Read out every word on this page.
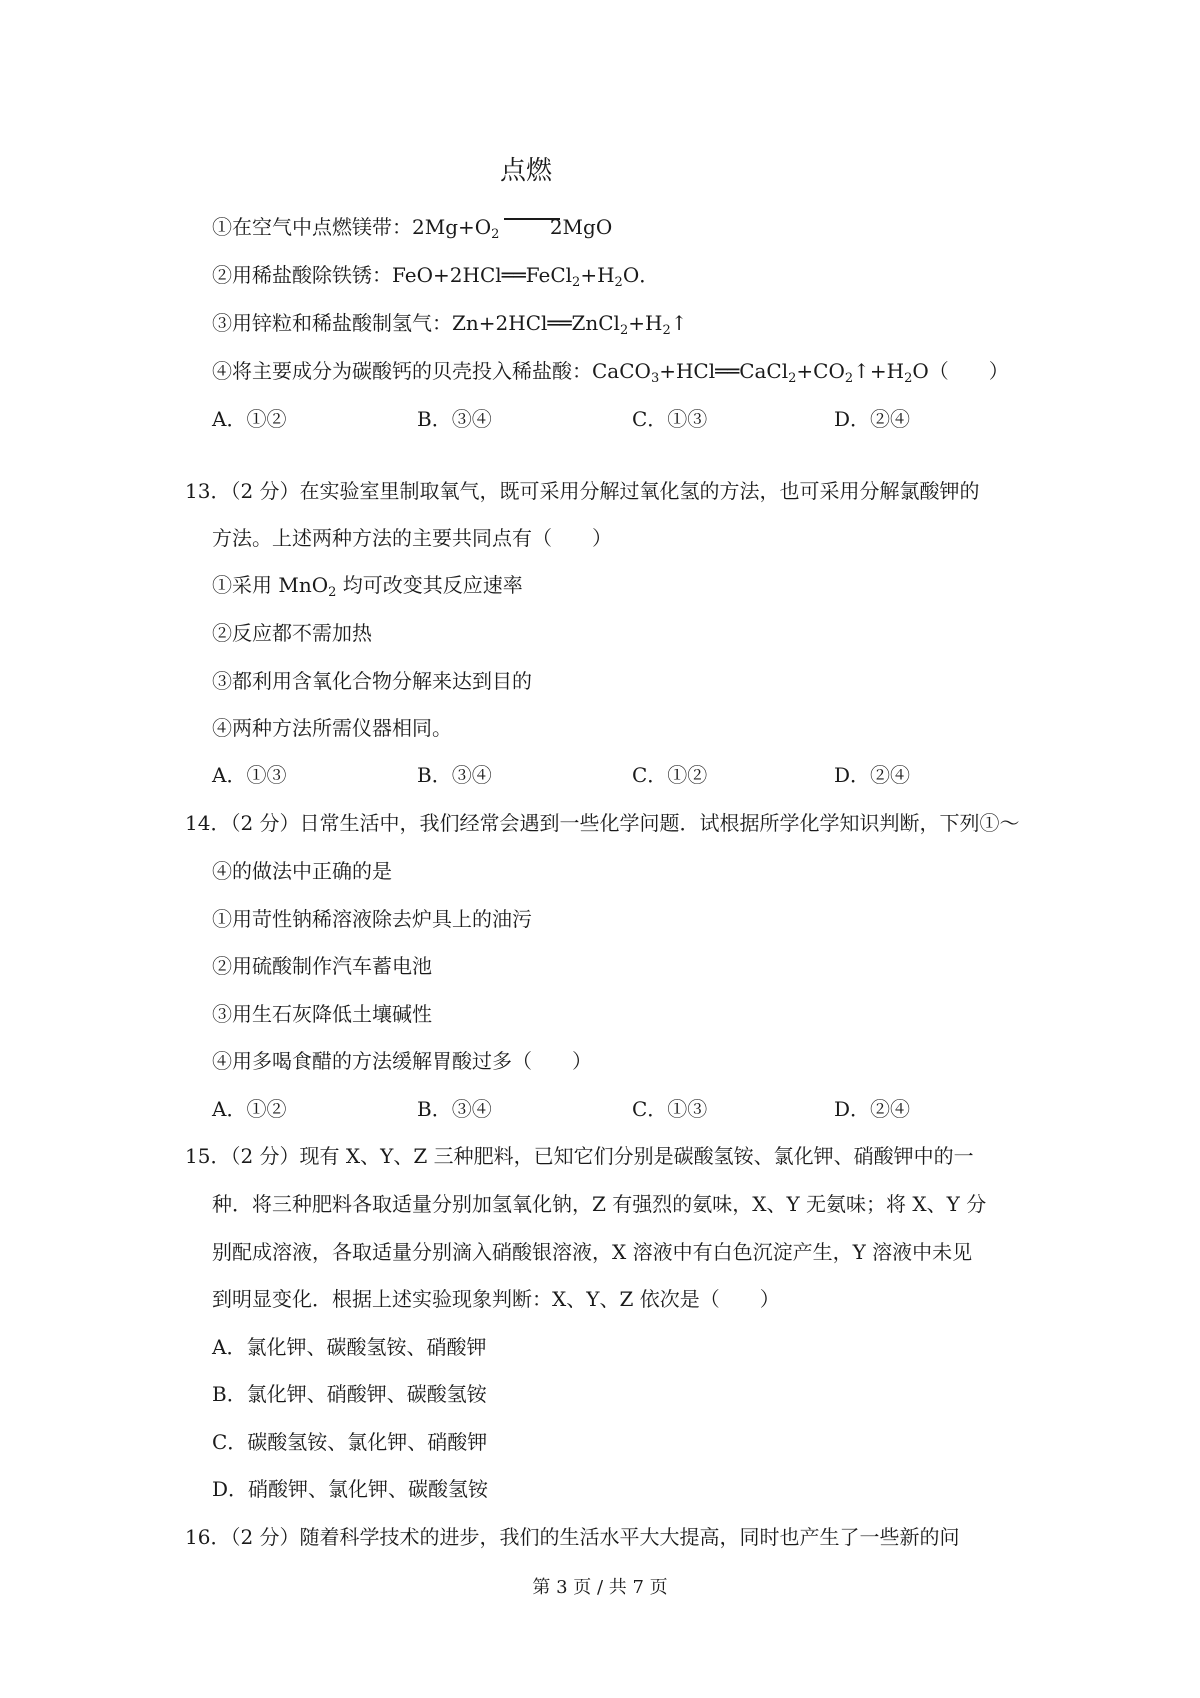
点燃
①在空气中点燃镁带：$2Mg+O_2$	2MgO
②用稀盐酸除铁锈：$FeO+2HCl══FeCl_2+H_2O$．
③用锌粒和稀盐酸制氢气：$Zn+2HCl══ZnCl_2+H_2↑$
④将主要成分为碳酸钙的贝壳投入稀盐酸：$CaCO_3+HCl══CaCl_2+CO_2↑+H_2O$（　　）
A．①②	B．③④	C．①③	D．②④
13．（2 分）在实验室里制取氧气，既可采用分解过氧化氢的方法，也可采用分解氯酸钾的
方法。上述两种方法的主要共同点有（　　）
①采用 MnO$_2$ 均可改变其反应速率
②反应都不需加热
③都利用含氧化合物分解来达到目的
④两种方法所需仪器相同。
A．①③	B．③④	C．①②	D．②④
14．（2 分）日常生活中，我们经常会遇到一些化学问题．试根据所学化学知识判断，下列①～
④的做法中正确的是
①用苛性钠稀溶液除去炉具上的油污
②用硫酸制作汽车蓄电池
③用生石灰降低土壤碱性
④用多喝食醋的方法缓解胃酸过多（　　）
A．①②	B．③④	C．①③	D．②④
15．（2 分）现有 X、Y、Z 三种肥料，已知它们分别是碳酸氢铵、氯化钾、硝酸钾中的一
种．将三种肥料各取适量分别加氢氧化钠，Z 有强烈的氨味，X、Y 无氨味；将 X、Y 分
别配成溶液，各取适量分别滴入硝酸银溶液，X 溶液中有白色沉淀产生，Y 溶液中未见
到明显变化．根据上述实验现象判断：X、Y、Z 依次是（　　）
A．氯化钾、碳酸氢铵、硝酸钾
B．氯化钾、硝酸钾、碳酸氢铵
C．碳酸氢铵、氯化钾、硝酸钾
D．硝酸钾、氯化钾、碳酸氢铵
16．（2 分）随着科学技术的进步，我们的生活水平大大提高，同时也产生了一些新的问
第 3 页 / 共 7 页
